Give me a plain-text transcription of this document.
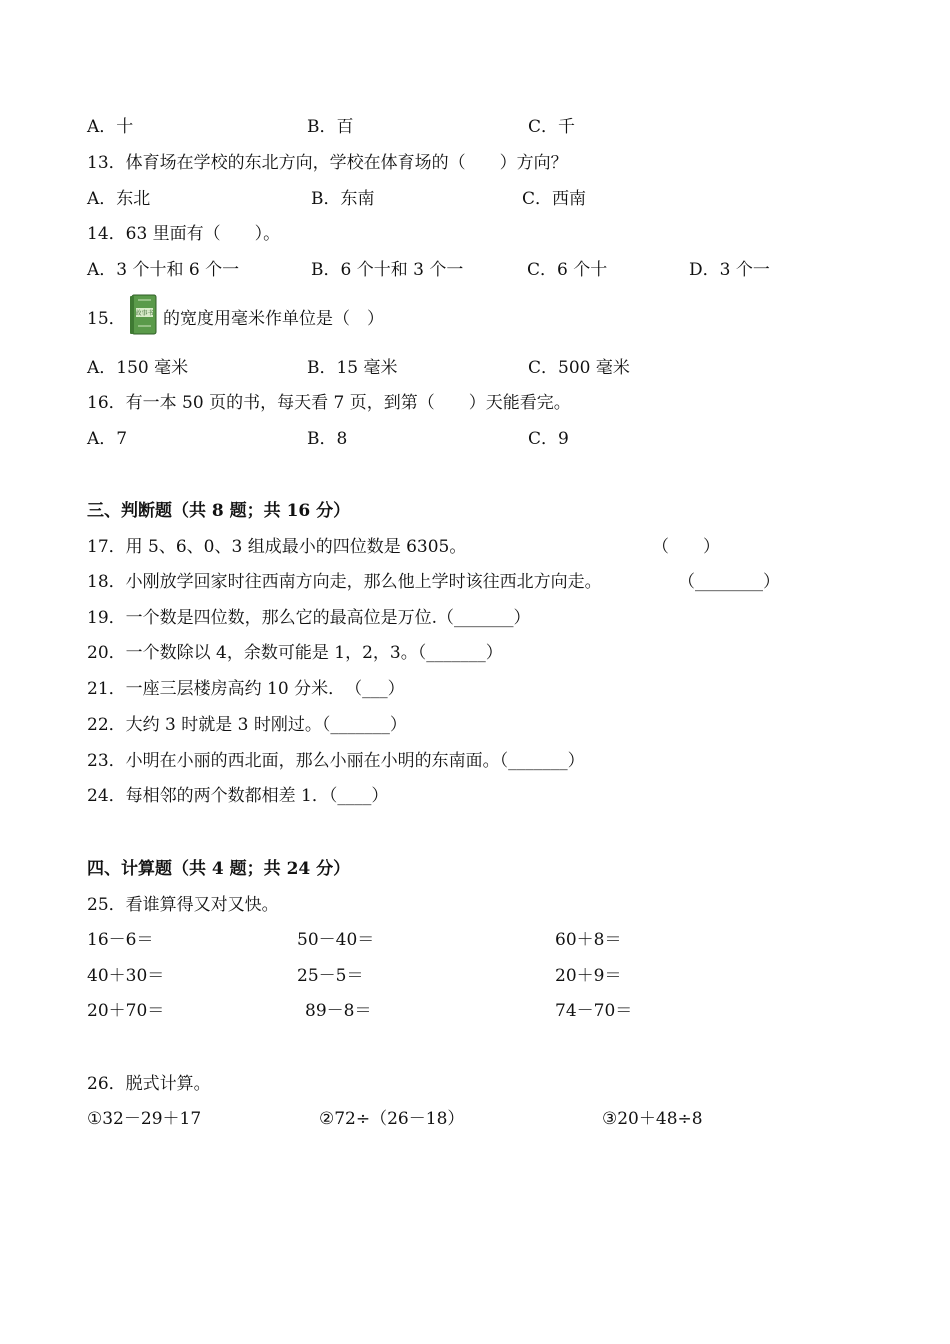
A．十	B．百	C．千
13．体育场在学校的东北方向，学校在体育场的（　　）方向？
A．东北	B．东南	C．西南
14．63 里面有（　　）。
A．3 个十和 6 个一	B．6 个十和 3 个一	C．6 个十	D．3 个一
15． 故事书 的宽度用毫米作单位是（　）
A．150 毫米	B．15 毫米	C．500 毫米
16．有一本 50 页的书，每天看 7 页，到第（　　）天能看完。
A．7	B．8	C．9
三、判断题（共 8 题；共 16 分）
17．用 5、6、0、3 组成最小的四位数是 6305。	（　　）
18．小刚放学回家时往西南方向走，那么他上学时该往西北方向走。	（________）
19．一个数是四位数，那么它的最高位是万位.（_______）
20．一个数除以 4，余数可能是 1，2，3。（_______）
21．一座三层楼房高约 10 分米．　（___）
22．大约 3 时就是 3 时刚过。（_______）
23．小明在小丽的西北面，那么小丽在小明的东南面。（_______）
24．每相邻的两个数都相差 1．（____）
四、计算题（共 4 题；共 24 分）
25．看谁算得又对又快。
16－6＝	50－40＝	60＋8＝
40＋30＝	25－5＝	20＋9＝
20＋70＝	89－8＝	74－70＝
26．脱式计算。
①32－29＋17	②72÷（26－18）	③20＋48÷8
